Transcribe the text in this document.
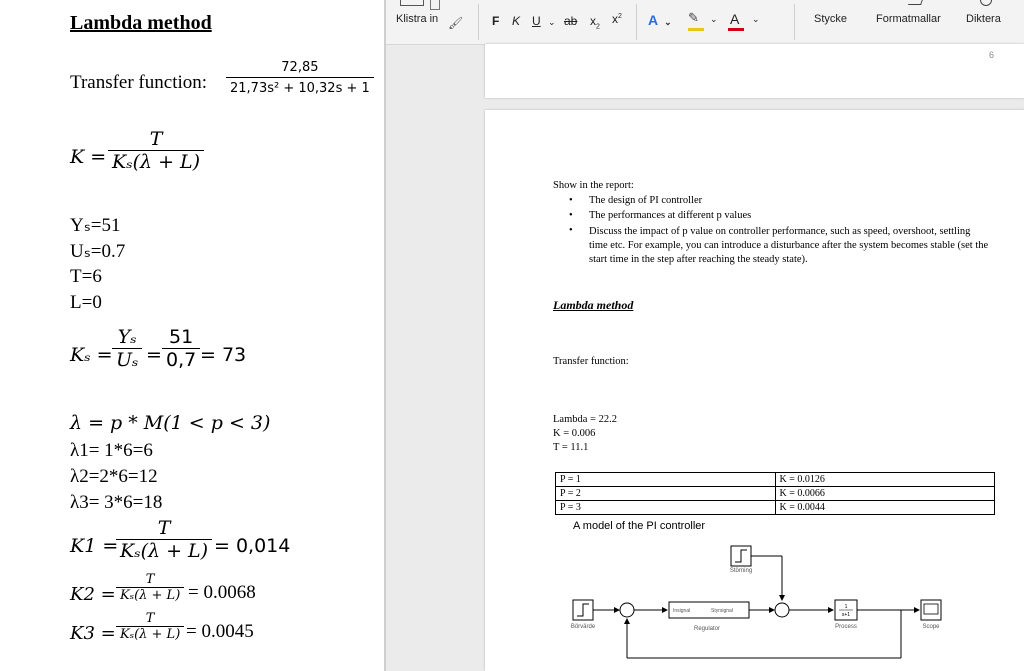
Lambda method
Transfer function: $\frac{72,85}{\text{21,73s² + 10,32s + 1}}$
$K = \frac{T}{\text{Kₛ(λ + L)}}$
Yₛ=51
Uₛ=0.7
T=6
L=0
$K_s = \frac{\text{Yₛ}}{\text{Uₛ}} = \frac{51}{0,7} = 73$
λ = p * M(1 < p < 3)
λ1= 1*6=6
λ2=2*6=12
λ3= 3*6=18
K1 =
$\frac{T}{\text{Kₛ(λ + L)}} = 0,014$
$K2 = \frac{T}{\text{Kₛ(λ + L)}} = 0.0068$
$K3 = \frac{T}{\text{Kₛ(λ + L)}} = 0.0045$
Klistra in 🖌 F K U ⌄ ab $x_2$
$x^2$ A ⌄ ✎ ⌄ A ⌄	Stycke	Formatmallar Diktera
6
Show in the report:
• The design of PI controller
• The performances at different p values
• Discuss the impact of p value on controller performance, such as speed, overshoot, settling time etc. For example, you can introduce a disturbance after the system becomes stable (set the start time in the step after reaching the steady state).
Lambda method
Transfer function:
Lambda = 22.2
K = 0.006
T = 11.1
P = 1	K = 0.0126
P = 2	K = 0.0066
P = 3	K = 0.0044
A model of the PI controller
Störning
Börvärde
Insignal	Styrsignal
Regulator
1
s+1
Process	Scope
